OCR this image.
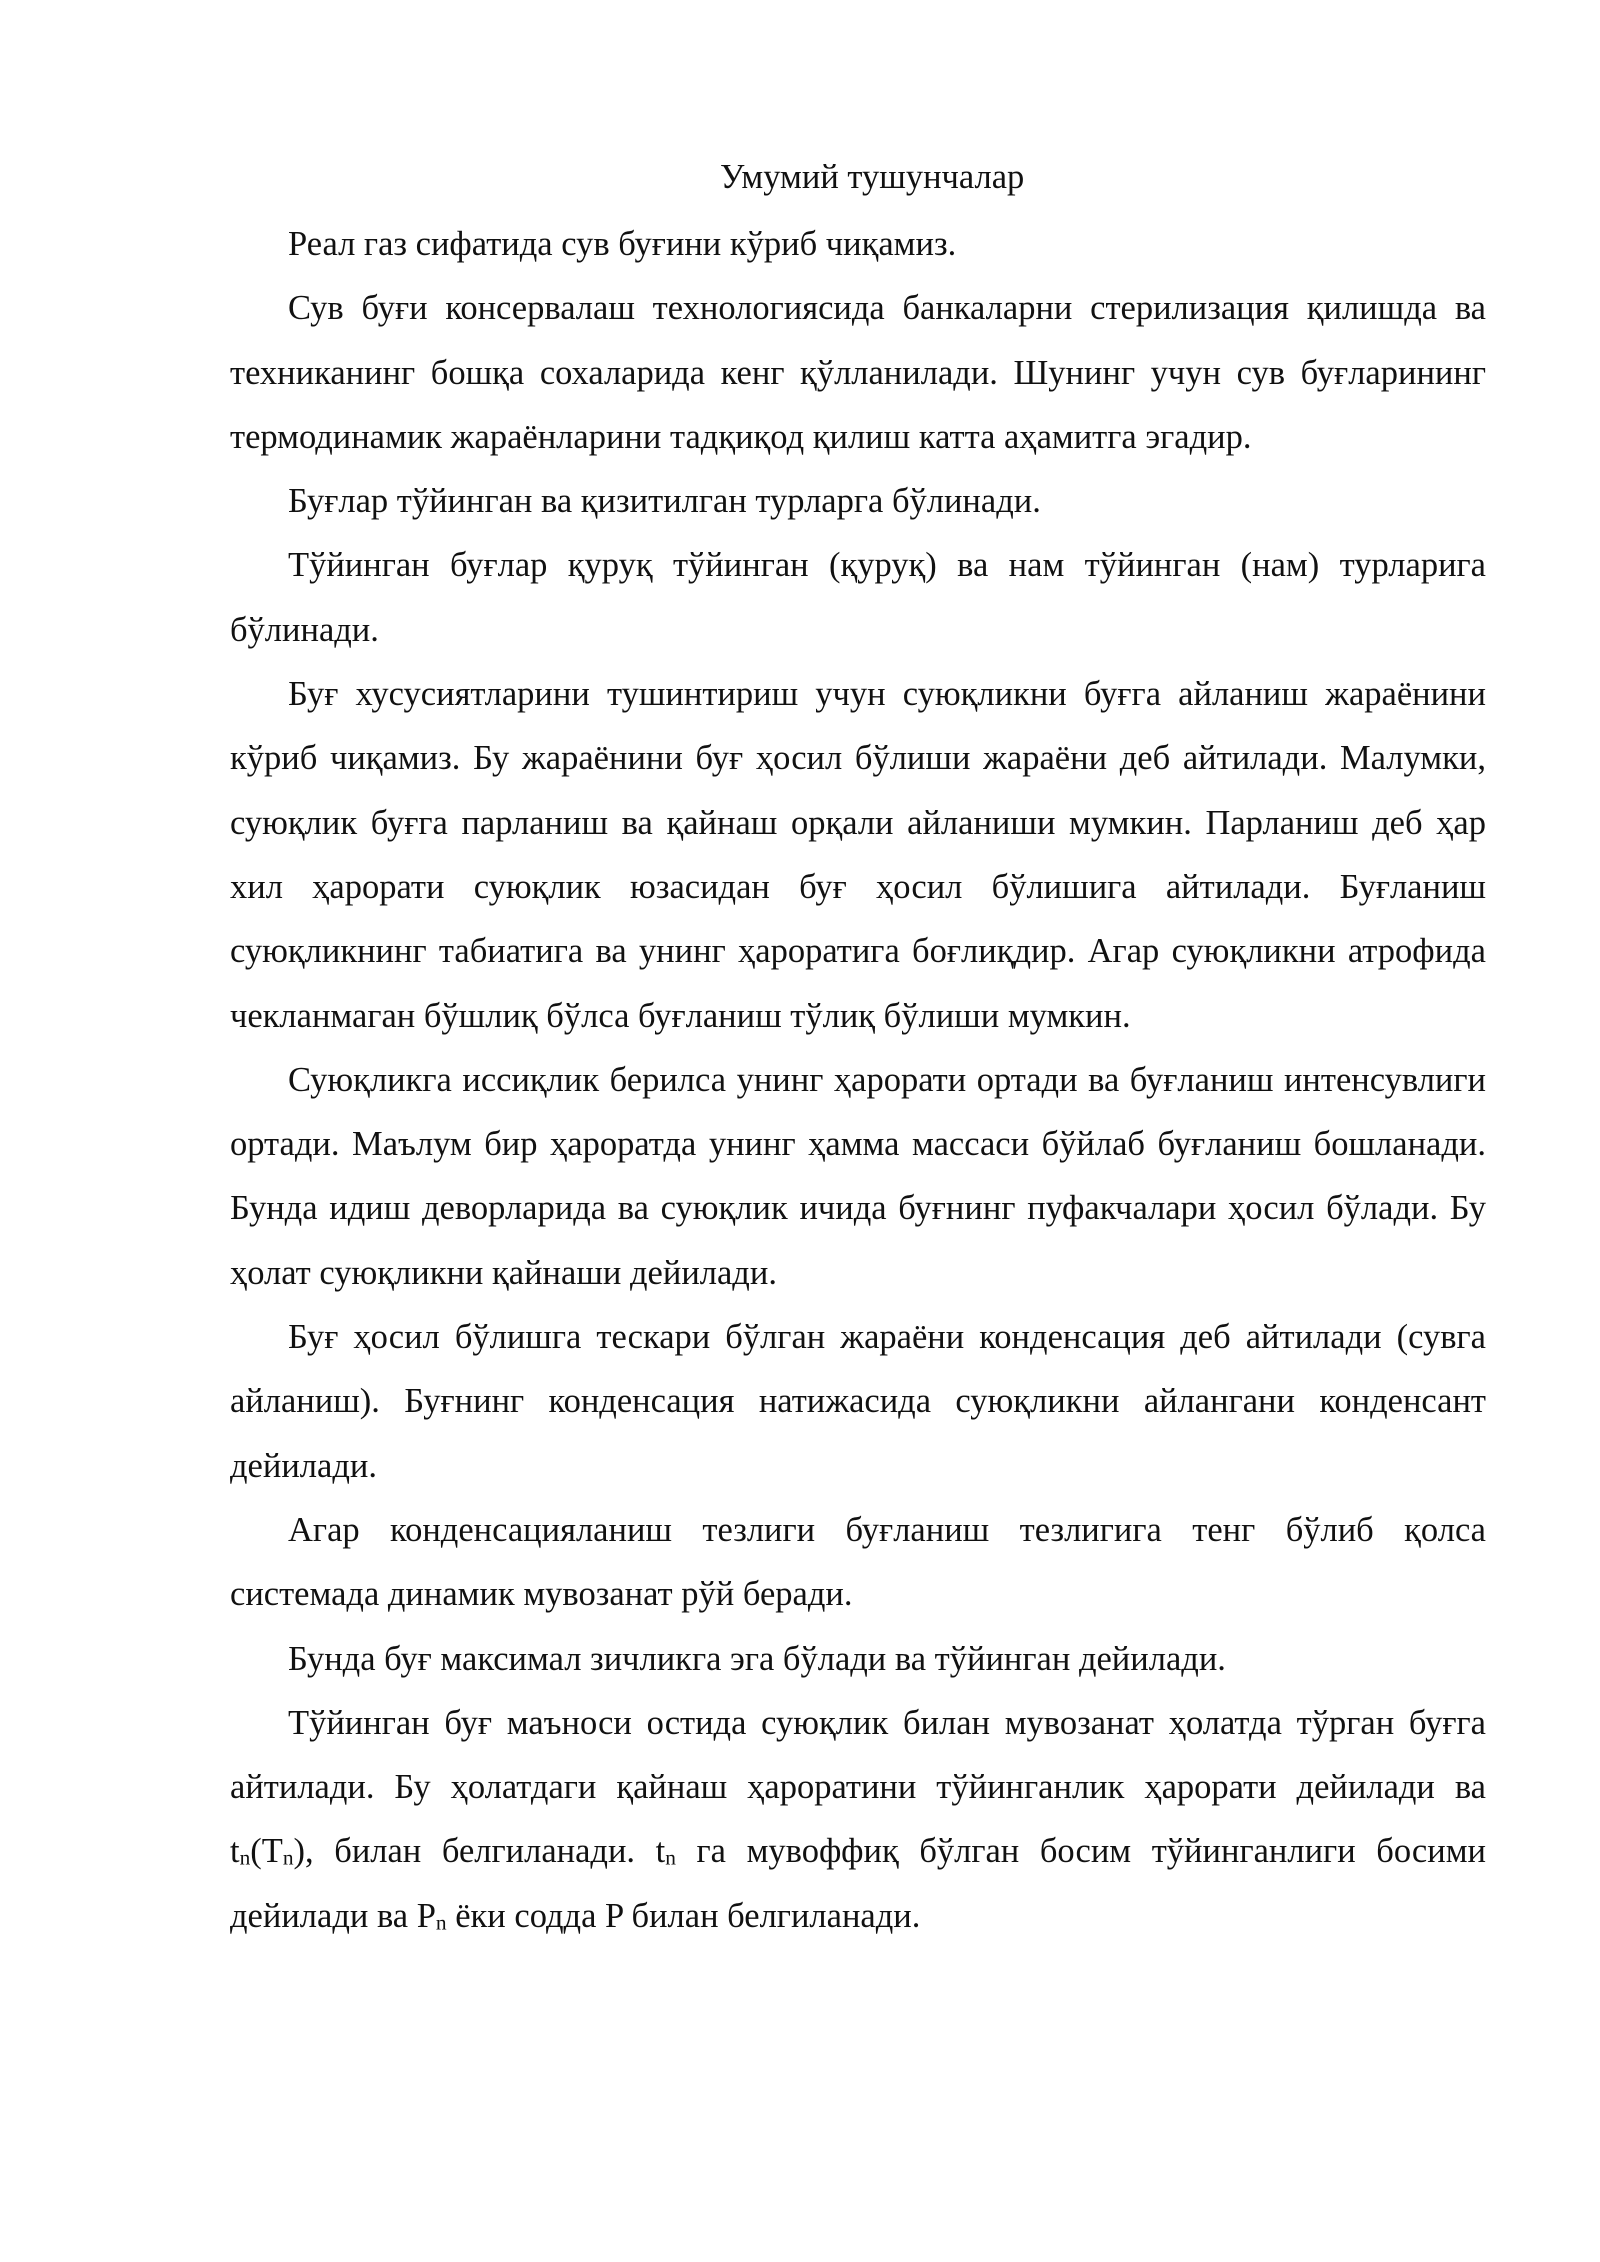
Умумий тушунчалар

Реал газ сифатида сув буғини кўриб чиқамиз.

Сув буғи консервалаш технологиясида банкаларни стерилизация қилишда ва техниканинг бошқа сохаларида кенг қўлланилади. Шунинг учун сув буғларининг термодинамик жараёнларини тадқиқод қилиш катта аҳамитга эгадир.

Буғлар тўйинган ва қизитилган турларга бўлинади.

Тўйинган буғлар қуруқ тўйинган (қуруқ) ва нам тўйинган (нам) турларига бўлинади.

Буғ хусусиятларини тушинтириш учун суюқликни буғга айланиш жараёнини кўриб чиқамиз. Бу жараёнини буғ ҳосил бўлиши жараёни деб айтилади. Малумки, суюқлик буғга парланиш ва қайнаш орқали айланиши мумкин. Парланиш деб ҳар хил ҳарорати суюқлик юзасидан буғ ҳосил бўлишига айтилади. Буғланиш суюқликнинг табиатига ва унинг ҳароратига боғлиқдир. Агар суюқликни атрофида чекланмаган бўшлиқ бўлса буғланиш тўлиқ бўлиши мумкин.

Суюқликга иссиқлик берилса унинг ҳарорати ортади ва буғланиш интенсувлиги ортади. Маълум бир ҳароратда унинг ҳамма массаси бўйлаб буғланиш бошланади. Бунда идиш деворларида ва суюқлик ичида буғнинг пуфакчалари ҳосил бўлади. Бу ҳолат суюқликни қайнаши дейилади.

Буғ ҳосил бўлишга тескари бўлган жараёни конденсация деб айтилади (сувга айланиш). Буғнинг конденсация натижасида суюқликни айлангани конденсант дейилади.

Агар конденсацияланиш тезлиги буғланиш тезлигига тенг бўлиб қолса системада динамик мувозанат рўй беради.

Бунда буғ максимал зичликга эга бўлади ва тўйинган дейилади.

Тўйинган буғ маъноси остида суюқлик билан мувозанат ҳолатда тўрган буғга айтилади. Бу ҳолатдаги қайнаш ҳароратини тўйинганлик ҳарорати дейилади ва tn(Tn), билан белгиланади. tn га мувоффиқ бўлган босим тўйинганлиги босими дейилади ва Pn ёки содда P билан белгиланади.
